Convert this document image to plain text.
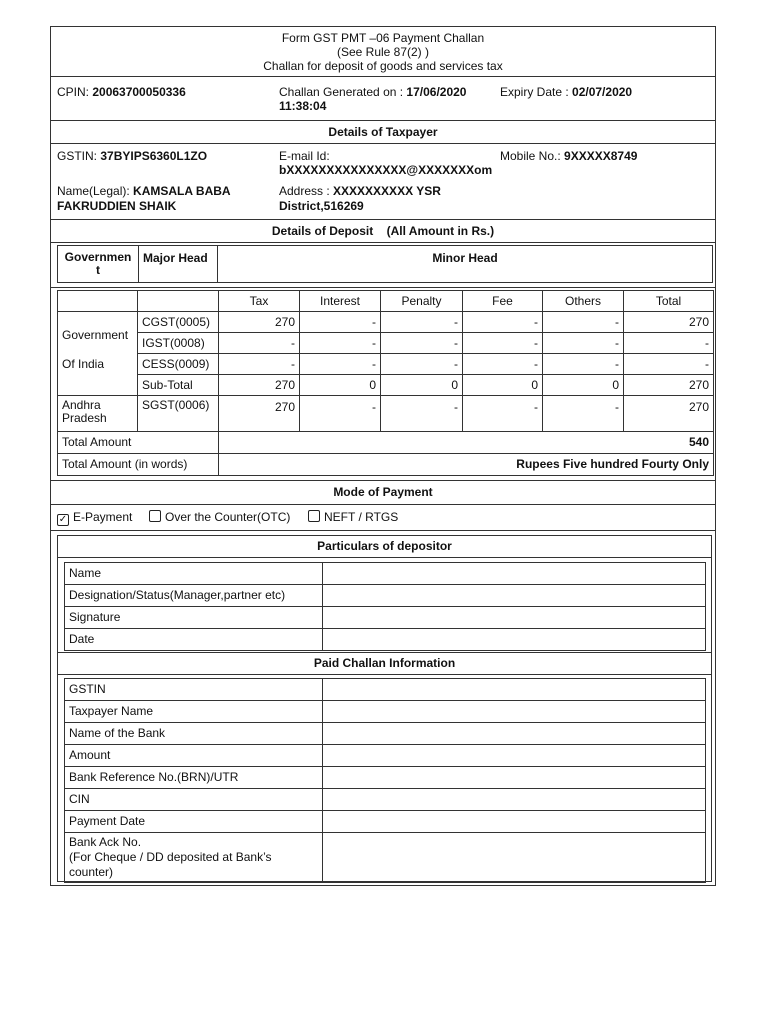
Form GST PMT –06 Payment Challan
(See Rule 87(2) )
Challan for deposit of goods and services tax
CPIN: 20063700050336	Challan Generated on : 17/06/2020
11:38:04
Expiry Date : 02/07/2020
Details of Taxpayer
GSTIN: 37BYIPS6360L1ZO	E-mail Id:
bXXXXXXXXXXXXXXX@XXXXXXXom
Mobile No.: 9XXXXX8749
Name(Legal): KAMSALA BABA
FAKRUDDIEN SHAIK
Address : XXXXXXXXXX YSR
District,516269
Details of Deposit (All Amount in Rs.)
Governmen
t	Major Head	Minor Head
		Tax	Interest	Penalty	Fee	Others	Total
Government
Of India	CGST(0005)	270	-	-	-	-	270
	IGST(0008)	-	-	-	-	-	-
	CESS(0009)	-	-	-	-	-	-
	Sub-Total	270	0	0	0	0	270
Andhra
Pradesh	SGST(0006)	270	-	-	-	-	270
Total Amount		540					
Total Amount (in words)		Rupees Five hundred Fourty Only					
Mode of Payment
✓ E-Payment	Over the Counter(OTC)	NEFT / RTGS
Particulars of depositor
Name	
Designation/Status(Manager,partner etc)	
Signature	
Date	
Paid Challan Information
GSTIN	
Taxpayer Name	
Name of the Bank	
Amount	
Bank Reference No.(BRN)/UTR	
CIN	
Payment Date	
Bank Ack No.
(For Cheque / DD deposited at Bank’s
counter)	
